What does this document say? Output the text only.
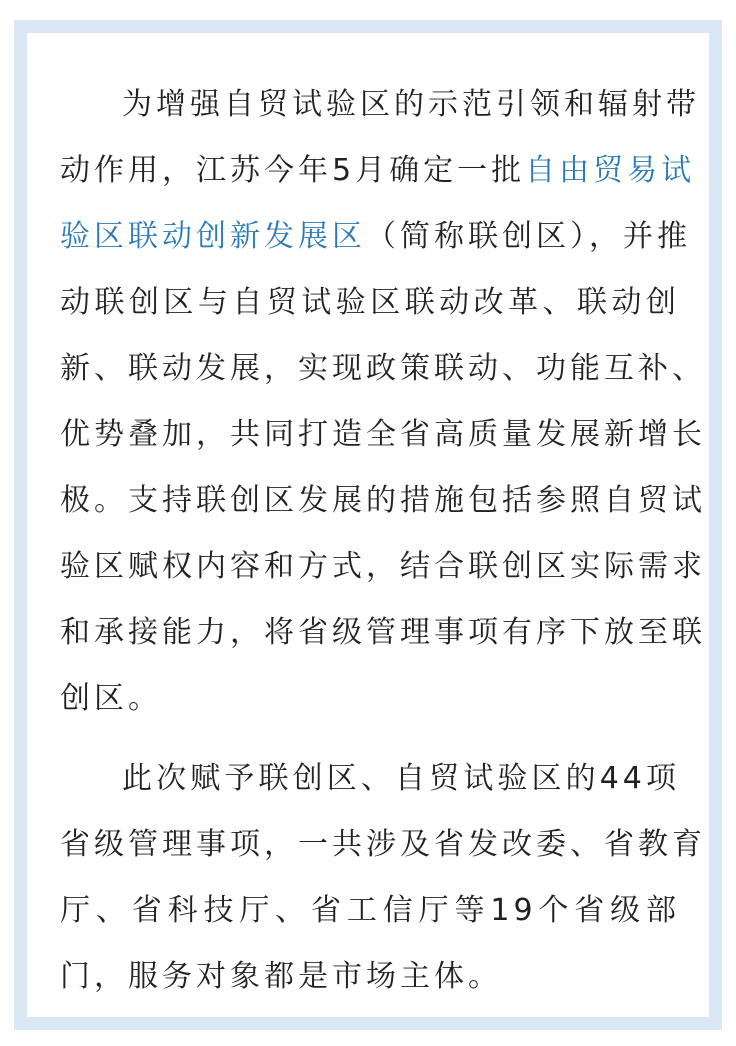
为增强自贸试验区的示范引领和辐射带
动作用，江苏今年5月确定一批自由贸易试
验区联动创新发展区（简称联创区），并推
动联创区与自贸试验区联动改革、联动创
新、联动发展，实现政策联动、功能互补、
优势叠加，共同打造全省高质量发展新增长
极。支持联创区发展的措施包括参照自贸试
验区赋权内容和方式，结合联创区实际需求
和承接能力，将省级管理事项有序下放至联
创区。
此次赋予联创区、自贸试验区的44项
省级管理事项，一共涉及省发改委、省教育
厅、省科技厅、省工信厅等19个省级部
门，服务对象都是市场主体。
